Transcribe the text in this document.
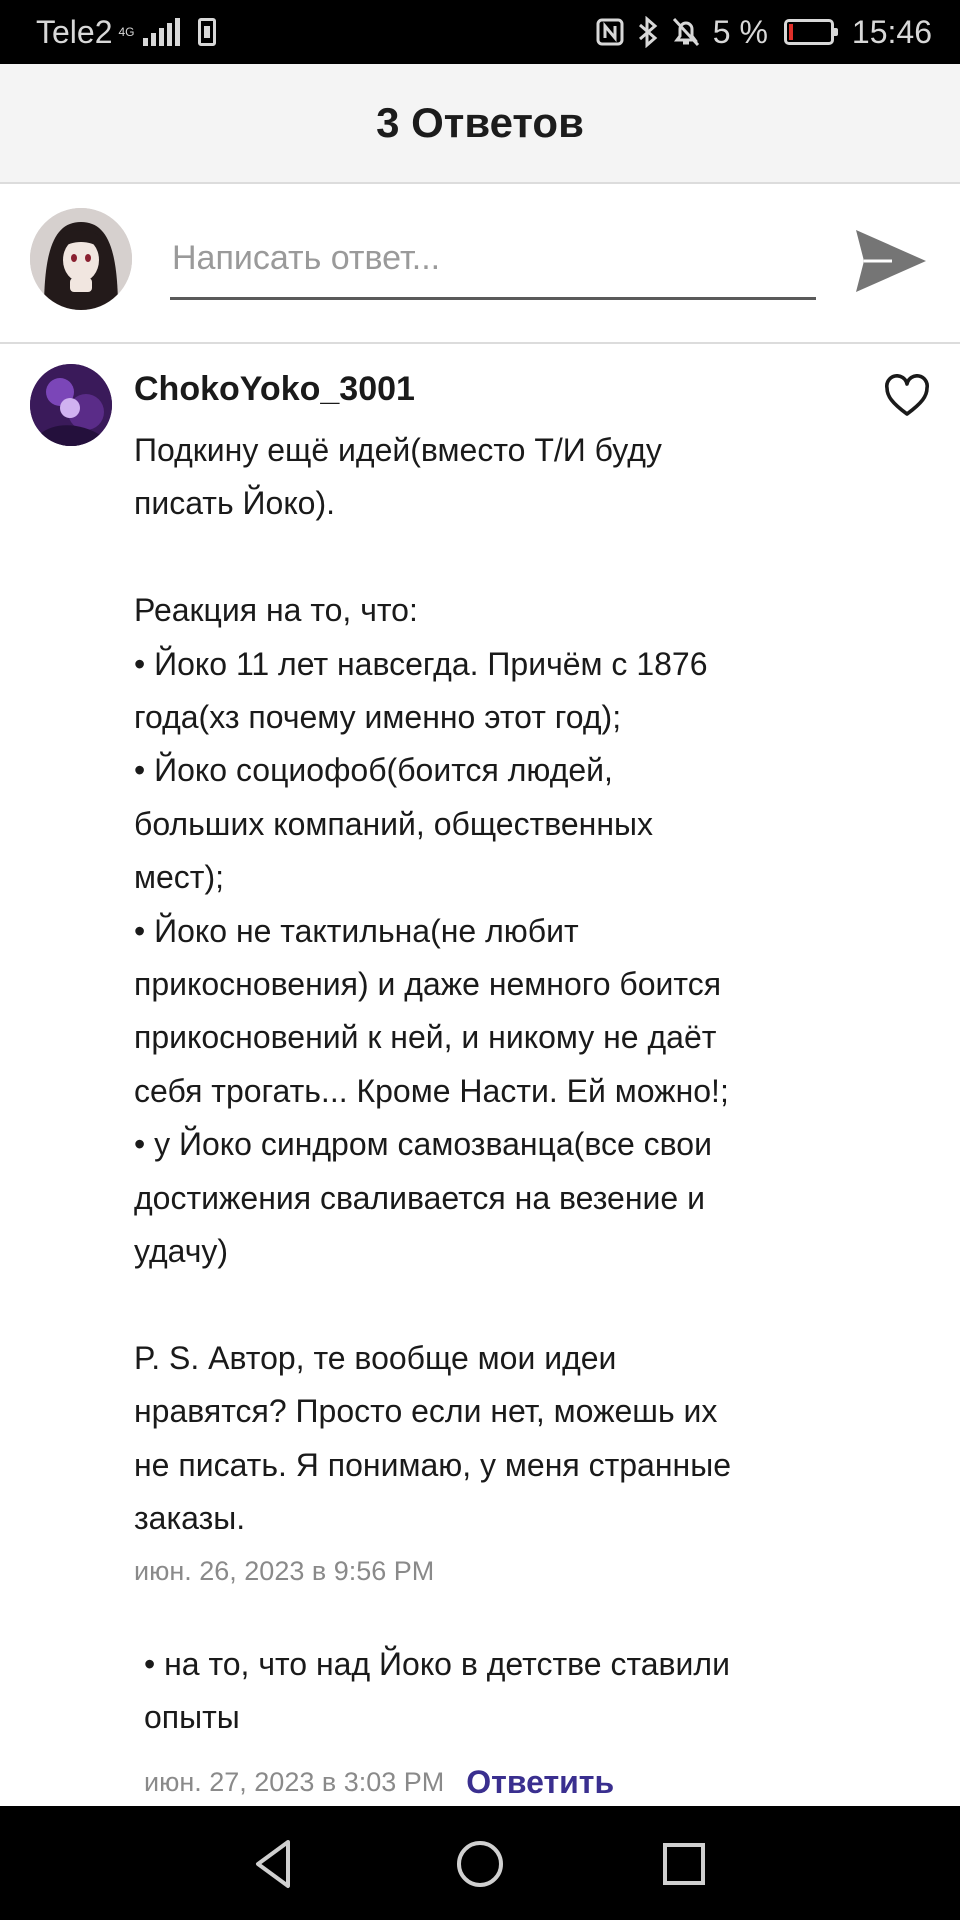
Tele2 4G	5 %	15:46
3 Ответов
Написать ответ...
ChokoYoko_3001

Подкину ещё идей(вместо Т/И буду
писать Йоко).

Реакция на то, что:
• Йоко 11 лет навсегда. Причём с 1876
года(хз почему именно этот год);
• Йоко социофоб(боится людей,
больших компаний, общественных
мест);
• Йоко не тактильна(не любит
прикосновения) и даже немного боится
прикосновений к ней, и никому не даёт
себя трогать... Кроме Насти. Ей можно!;
• у Йоко синдром самозванца(все свои
достижения сваливается на везение и
удачу)

P. S. Автор, те вообще мои идеи
нравятся? Просто если нет, можешь их
не писать. Я понимаю, у меня странные
заказы.

июн. 26, 2023 в 9:56 PM

• на то, что над Йоко в детстве ставили
опыты

июн. 27, 2023 в 3:03 PM Ответить
